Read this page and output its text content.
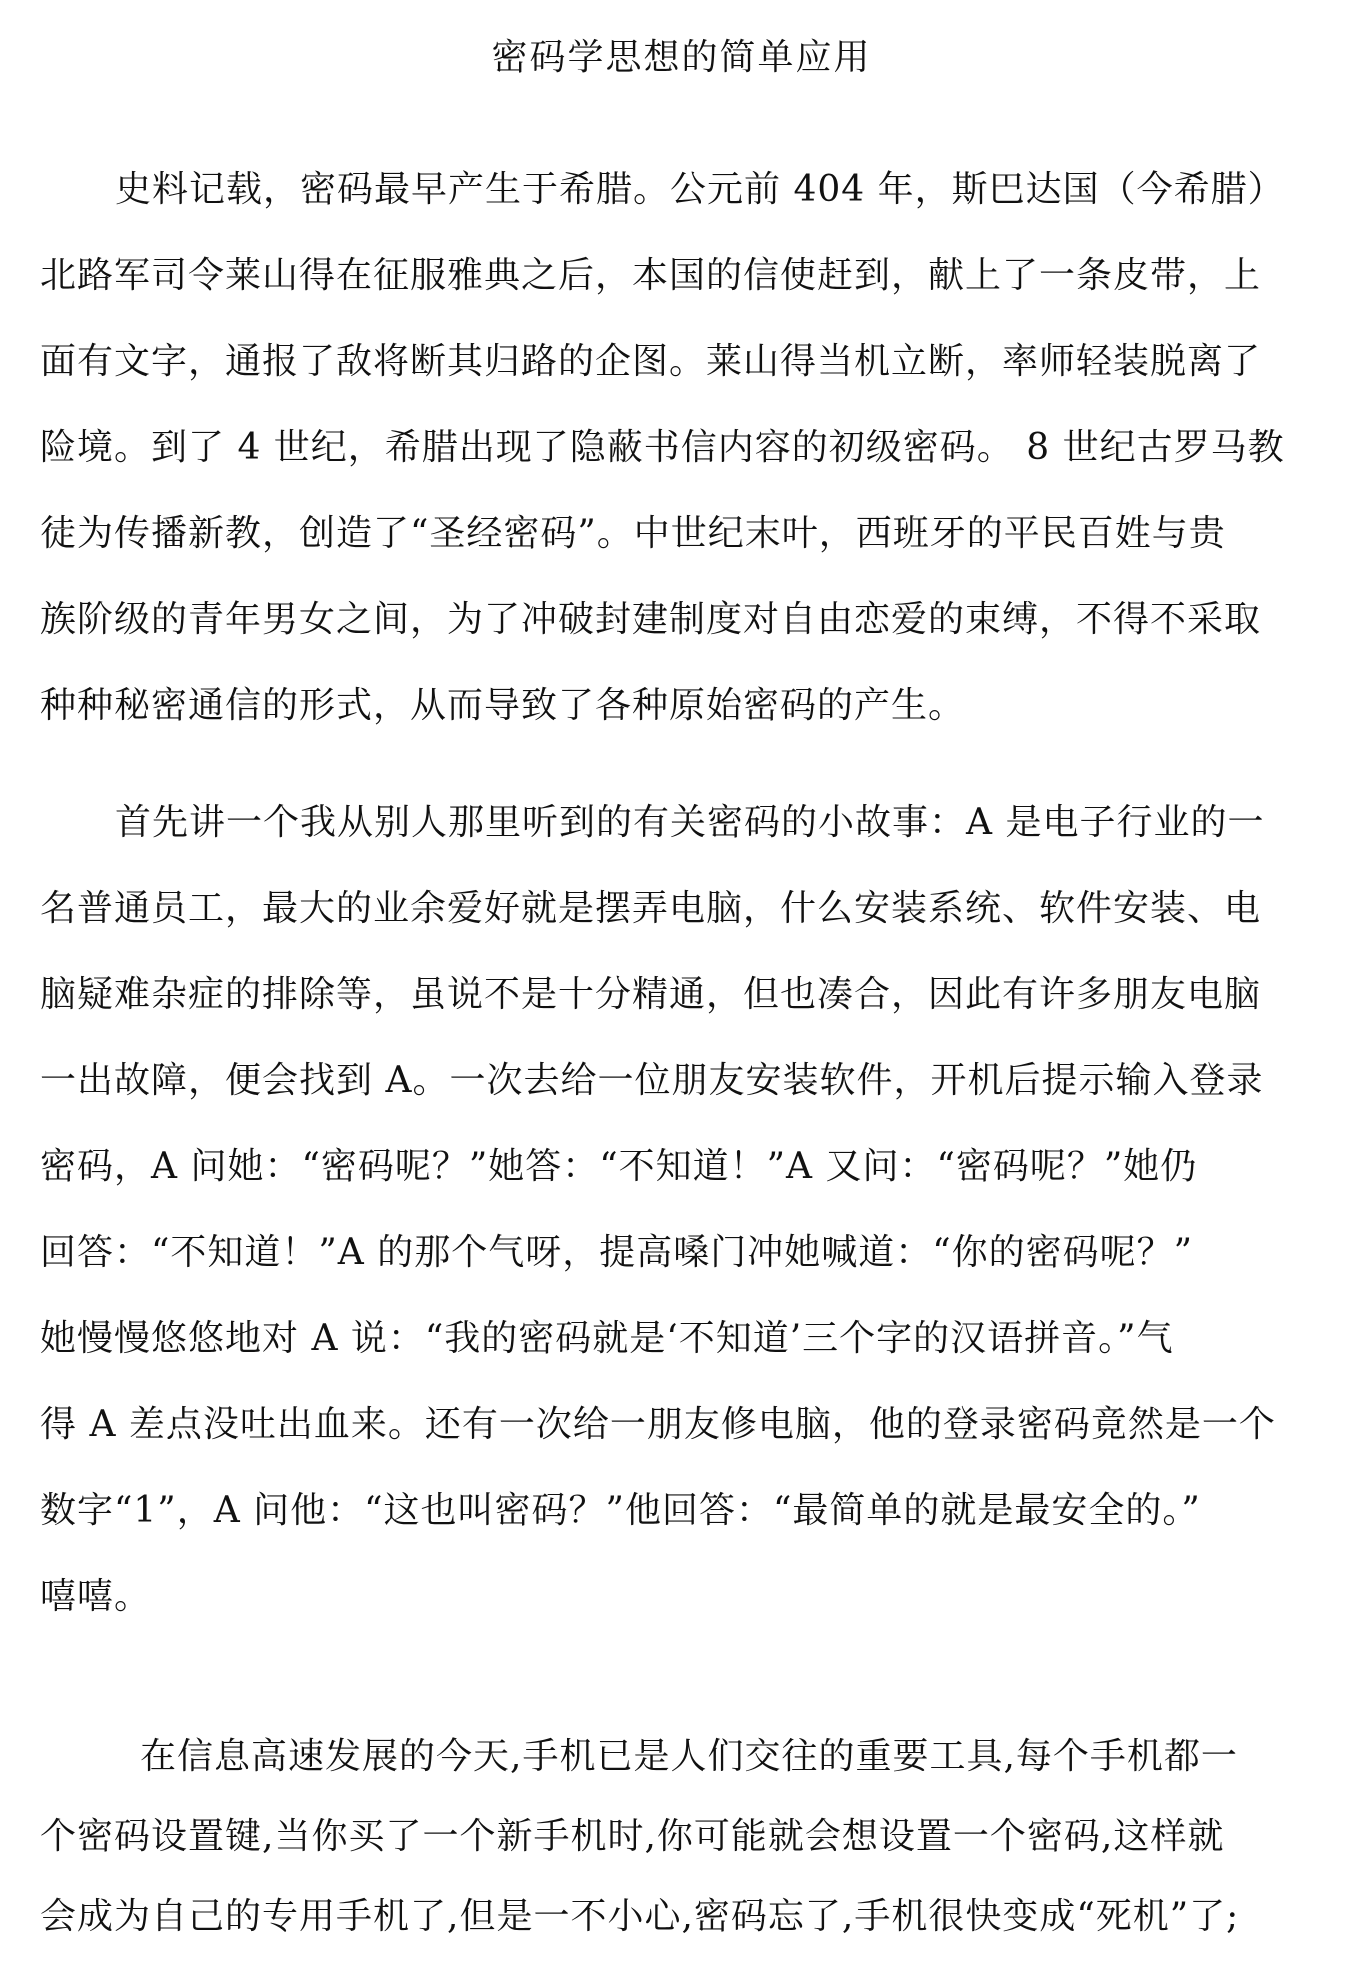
密码学思想的简单应用

史料记载，密码最早产生于希腊。公元前 404 年，斯巴达国（今希腊）
北路军司令莱山得在征服雅典之后，本国的信使赶到，献上了一条皮带，上
面有文字，通报了敌将断其归路的企图。莱山得当机立断，率师轻装脱离了
险境。到了 4 世纪，希腊出现了隐蔽书信内容的初级密码。 8 世纪古罗马教
徒为传播新教，创造了“圣经密码”。中世纪末叶，西班牙的平民百姓与贵
族阶级的青年男女之间，为了冲破封建制度对自由恋爱的束缚，不得不采取
种种秘密通信的形式，从而导致了各种原始密码的产生。

首先讲一个我从别人那里听到的有关密码的小故事：A 是电子行业的一
名普通员工，最大的业余爱好就是摆弄电脑，什么安装系统、软件安装、电
脑疑难杂症的排除等，虽说不是十分精通，但也凑合，因此有许多朋友电脑
一出故障，便会找到 A。一次去给一位朋友安装软件，开机后提示输入登录
密码，A 问她：“密码呢？”她答：“不知道！”A 又问：“密码呢？”她仍
回答：“不知道！”A 的那个气呀，提高嗓门冲她喊道：“你的密码呢？”
她慢慢悠悠地对 A 说：“我的密码就是‘不知道’三个字的汉语拼音。”气
得 A 差点没吐出血来。还有一次给一朋友修电脑，他的登录密码竟然是一个
数字“1”，A 问他：“这也叫密码？”他回答：“最简单的就是最安全的。”
嘻嘻。

在信息高速发展的今天,手机已是人们交往的重要工具,每个手机都一
个密码设置键,当你买了一个新手机时,你可能就会想设置一个密码,这样就
会成为自己的专用手机了,但是一不小心,密码忘了,手机很快变成“死机”了;
